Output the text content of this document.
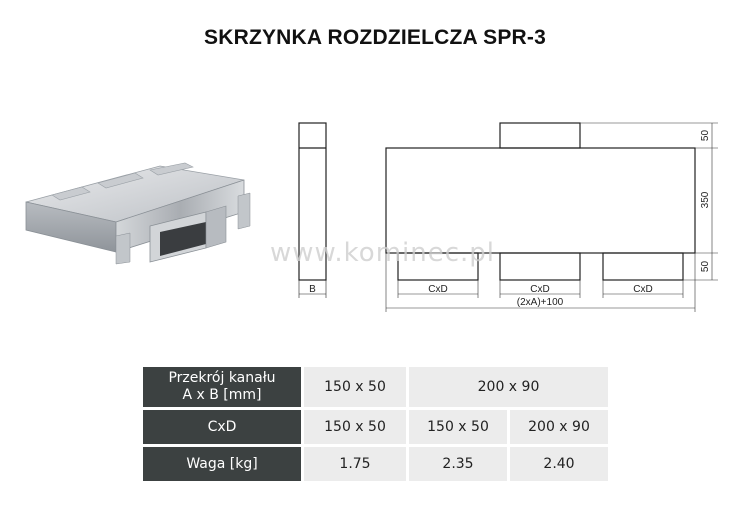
SKRZYNKA ROZDZIELCZA SPR-3
B
50
350
50
CxD	CxD	CxD
(2xA)+100
www.kominec.pl
Przekrój kanału
A x B [mm]	150 x 50	200 x 90	
CxD	150 x 50	150 x 50	200 x 90
Waga [kg]	1.75	2.35	2.40
